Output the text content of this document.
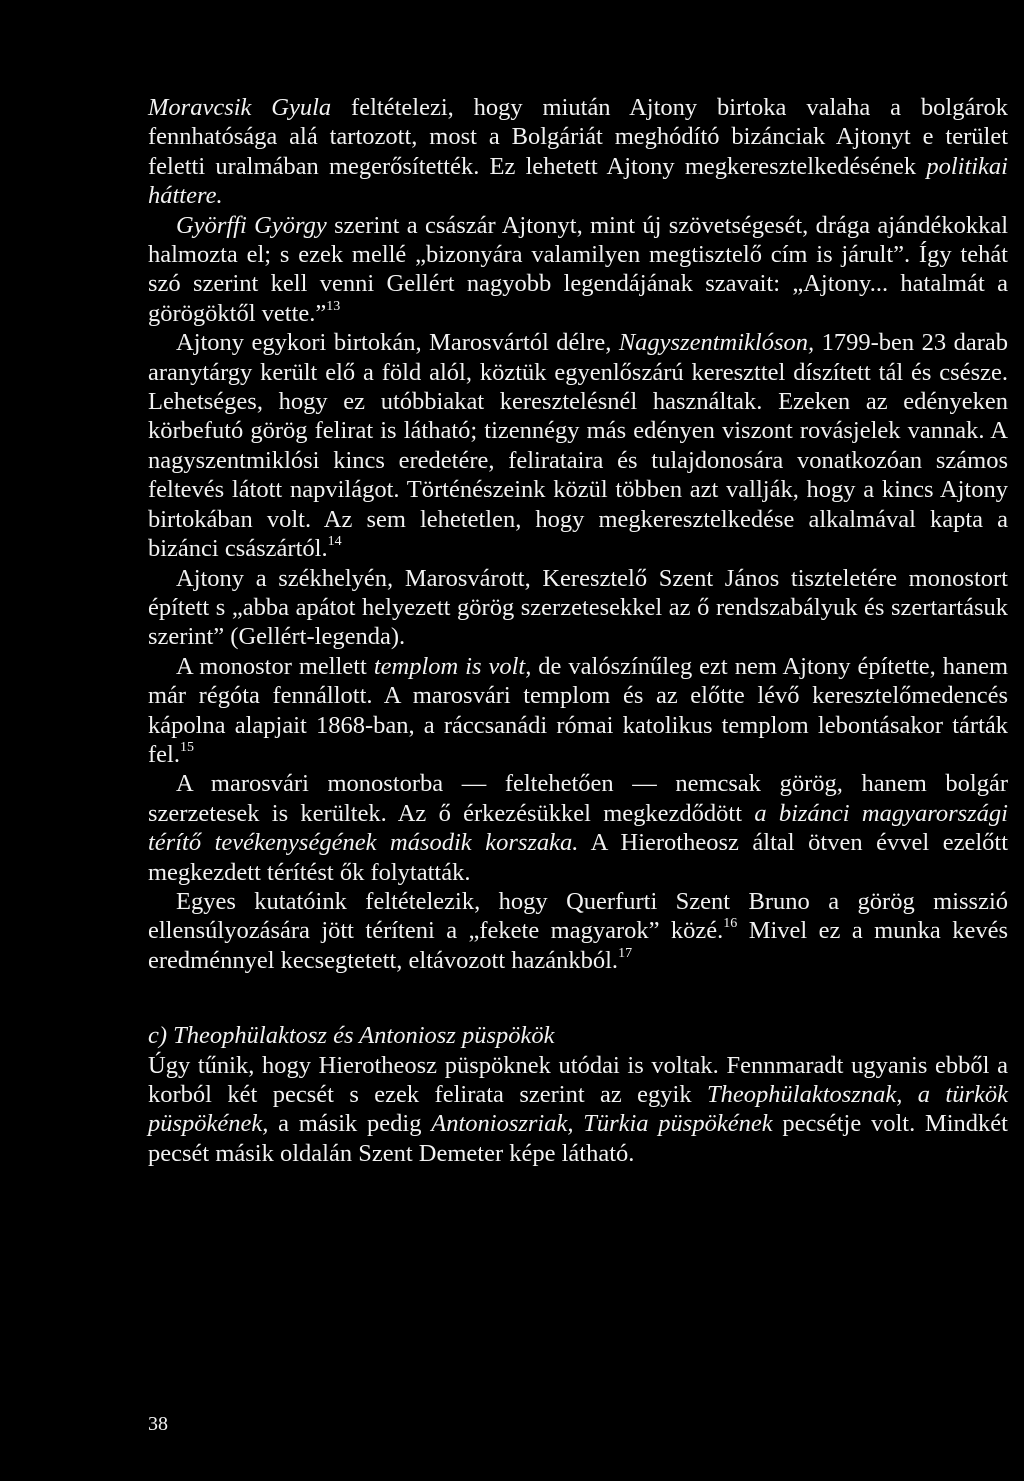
Moravcsik Gyula feltételezi, hogy miután Ajtony birtoka valaha a bolgárok fennhatósága alá tartozott, most a Bolgáriát meghódító bizánciak Ajtonyt e terület feletti uralmában megerősítették. Ez lehetett Ajtony megkeresztelkedésének politikai háttere.

Györffi György szerint a császár Ajtonyt, mint új szövetségesét, drága ajándékokkal halmozta el; s ezek mellé „bizonyára valamilyen megtisztelő cím is járult”. Így tehát szó szerint kell venni Gellért nagyobb legendájának szavait: „Ajtony... hatalmát a görögöktől vette.”$^{13}$

Ajtony egykori birtokán, Marosvártól délre, Nagyszentmiklóson, 1799-ben 23 darab aranytárgy került elő a föld alól, köztük egyenlőszárú kereszttel díszített tál és csésze. Lehetséges, hogy ez utóbbiakat keresztelésnél használtak. Ezeken az edényeken körbefutó görög felirat is látható; tizennégy más edényen viszont rovásjelek vannak. A nagyszentmiklósi kincs eredetére, felirataira és tulajdonosára vonatkozóan számos feltevés látott napvilágot. Történészeink közül többen azt vallják, hogy a kincs Ajtony birtokában volt. Az sem lehetetlen, hogy megkeresztelkedése alkalmával kapta a bizánci császártól.$^{14}$

Ajtony a székhelyén, Marosvárott, Keresztelő Szent János tiszteletére monostort épített s „abba apátot helyezett görög szerzetesekkel az ő rendszabályuk és szertartásuk szerint” (Gellért-legenda).

A monostor mellett templom is volt, de valószínűleg ezt nem Ajtony építette, hanem már régóta fennállott. A marosvári templom és az előtte lévő keresztelőmedencés kápolna alapjait 1868-ban, a ráccsanádi római katolikus templom lebontásakor tárták fel.$^{15}$

A marosvári monostorba — feltehetően — nemcsak görög, hanem bolgár szerzetesek is kerültek. Az ő érkezésükkel megkezdődött a bizánci magyarországi térítő tevékenységének második korszaka. A Hierotheosz által ötven évvel ezelőtt megkezdett térítést ők folytatták.

Egyes kutatóink feltételezik, hogy Querfurti Szent Bruno a görög misszió ellensúlyozására jött téríteni a „fekete magyarok” közé.$^{16}$ Mivel ez a munka kevés eredménnyel kecsegtetett, eltávozott hazánkból.$^{17}$

c) Theophülaktosz és Antoniosz püspökök

Úgy tűnik, hogy Hierotheosz püspöknek utódai is voltak. Fennmaradt ugyanis ebből a korból két pecsét s ezek felirata szerint az egyik Theophülaktosznak, a türkök püspökének, a másik pedig Antonioszriak, Türkia püspökének pecsétje volt. Mindkét pecsét másik oldalán Szent Demeter képe látható.

38
